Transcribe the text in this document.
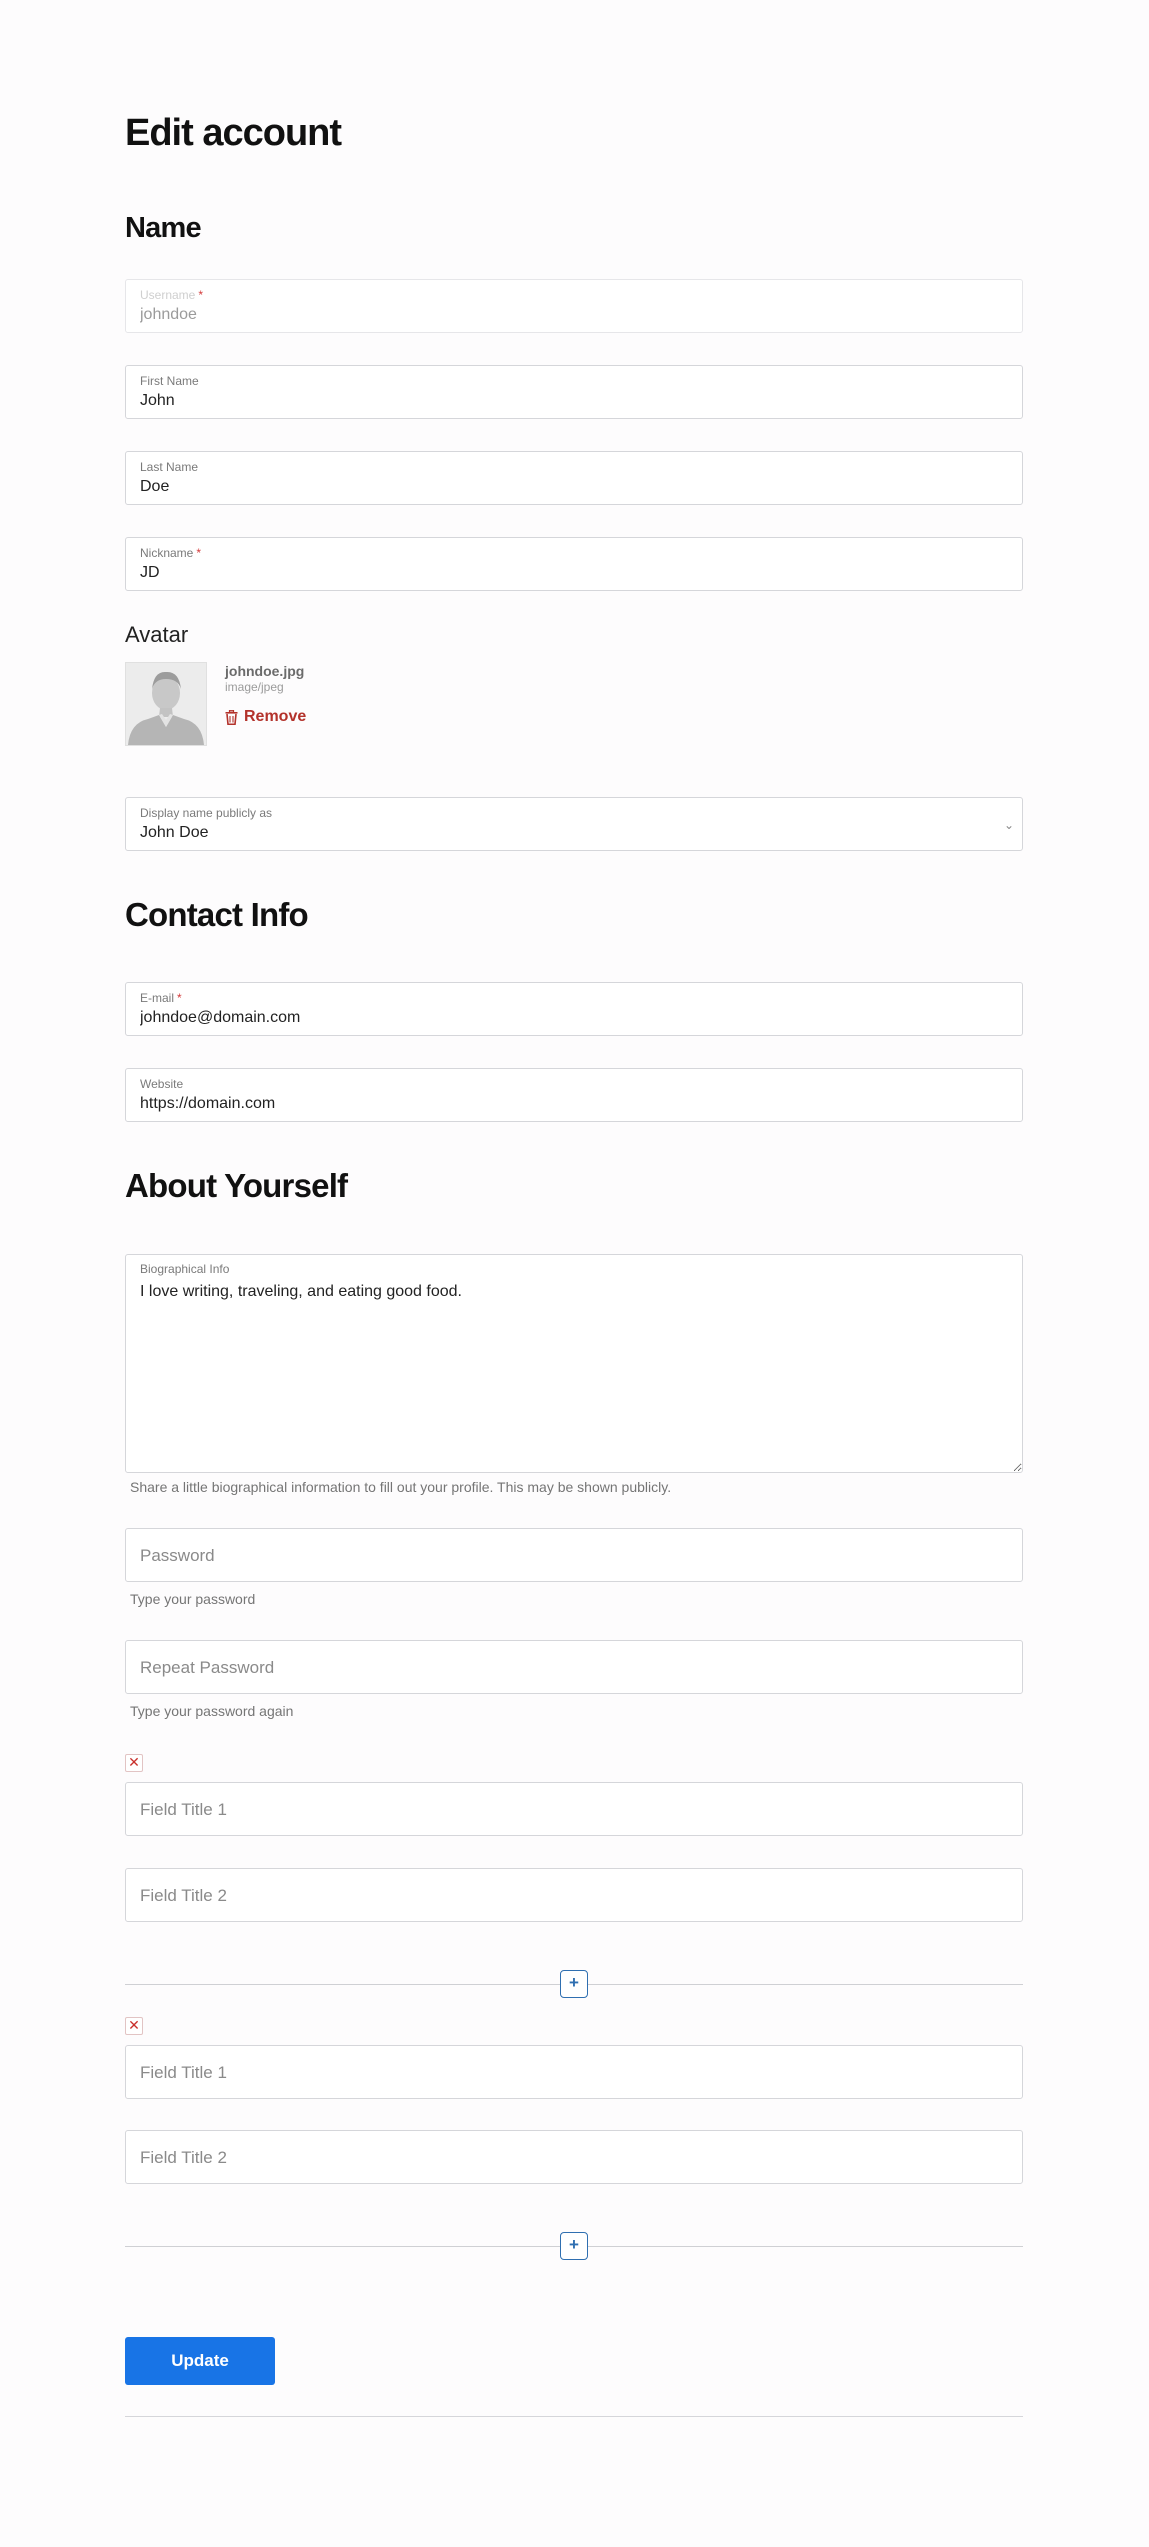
Edit account
Name
Username *
johndoe
First Name
John
Last Name
Doe
Nickname *
JD
Avatar
johndoe.jpg
image/jpeg
Remove
Display name publicly as
John Doe	⌄
Contact Info
E-mail *
johndoe@domain.com
Website
https://domain.com
About Yourself
I love writing, traveling, and eating good food.
Biographical Info
Share a little biographical information to fill out your profile. This may be shown publicly.
Password
Type your password
Repeat Password
Type your password again
✕
Field Title 1
Field Title 2
+
✕
Field Title 1
Field Title 2
+
Update
